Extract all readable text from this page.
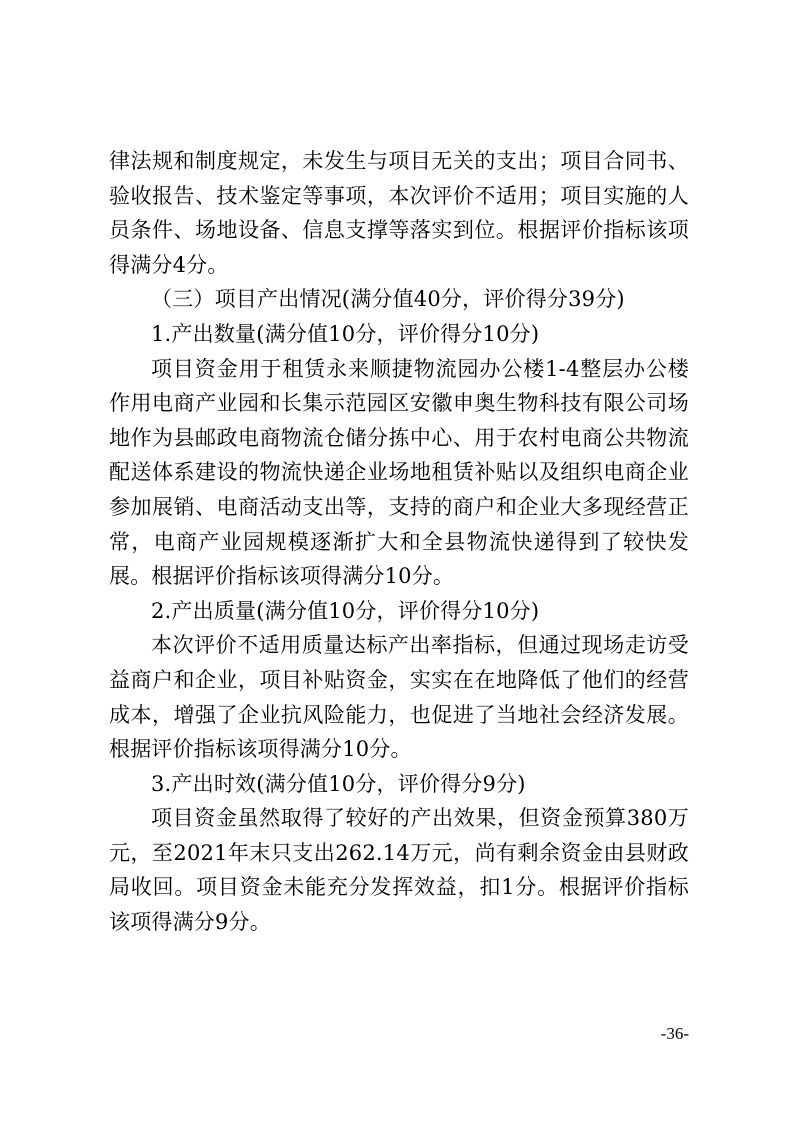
律法规和制度规定，未发生与项目无关的支出；项目合同书、验收报告、技术鉴定等事项，本次评价不适用；项目实施的人员条件、场地设备、信息支撑等落实到位。根据评价指标该项得满分4分。

（三）项目产出情况(满分值40分，评价得分39分)

1.产出数量(满分值10分，评价得分10分)

项目资金用于租赁永来顺捷物流园办公楼1-4整层办公楼作用电商产业园和长集示范园区安徽申奥生物科技有限公司场地作为县邮政电商物流仓储分拣中心、用于农村电商公共物流配送体系建设的物流快递企业场地租赁补贴以及组织电商企业参加展销、电商活动支出等，支持的商户和企业大多现经营正常，电商产业园规模逐渐扩大和全县物流快递得到了较快发展。根据评价指标该项得满分10分。

2.产出质量(满分值10分，评价得分10分)

本次评价不适用质量达标产出率指标，但通过现场走访受益商户和企业，项目补贴资金，实实在在地降低了他们的经营成本，增强了企业抗风险能力，也促进了当地社会经济发展。根据评价指标该项得满分10分。

3.产出时效(满分值10分，评价得分9分)

项目资金虽然取得了较好的产出效果，但资金预算380万元，至2021年末只支出262.14万元，尚有剩余资金由县财政局收回。项目资金未能充分发挥效益，扣1分。根据评价指标该项得满分9分。

-36-
